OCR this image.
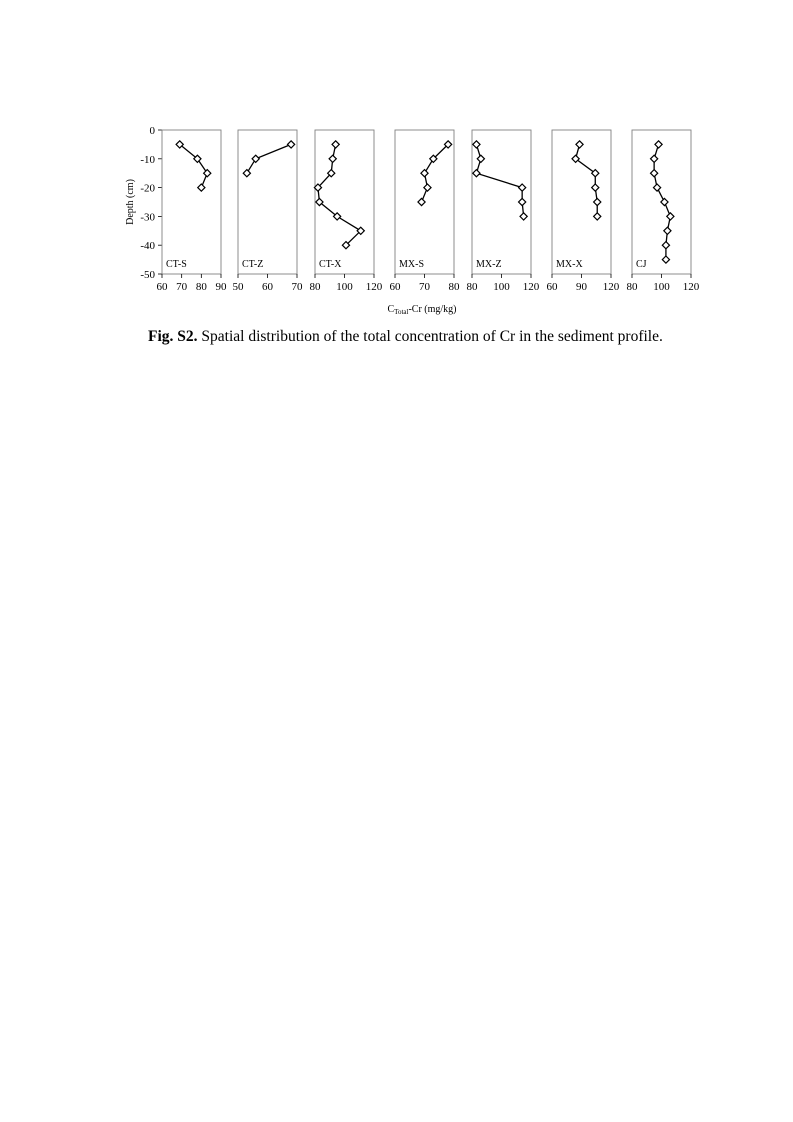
Depth (cm)
0
-10
-20
-30
-40
-50
60 70 80 90
CT-S
50 60 70
CT-Z
80 100 120
CT-X
60 70 80
MX-S
80 100 120
MX-Z
60 90 120
MX-X
80 100 120
CJ
$C_{Total}-Cr$ (mg/kg)
Fig. S2. Spatial distribution of the total concentration of Cr in the sediment profile.
